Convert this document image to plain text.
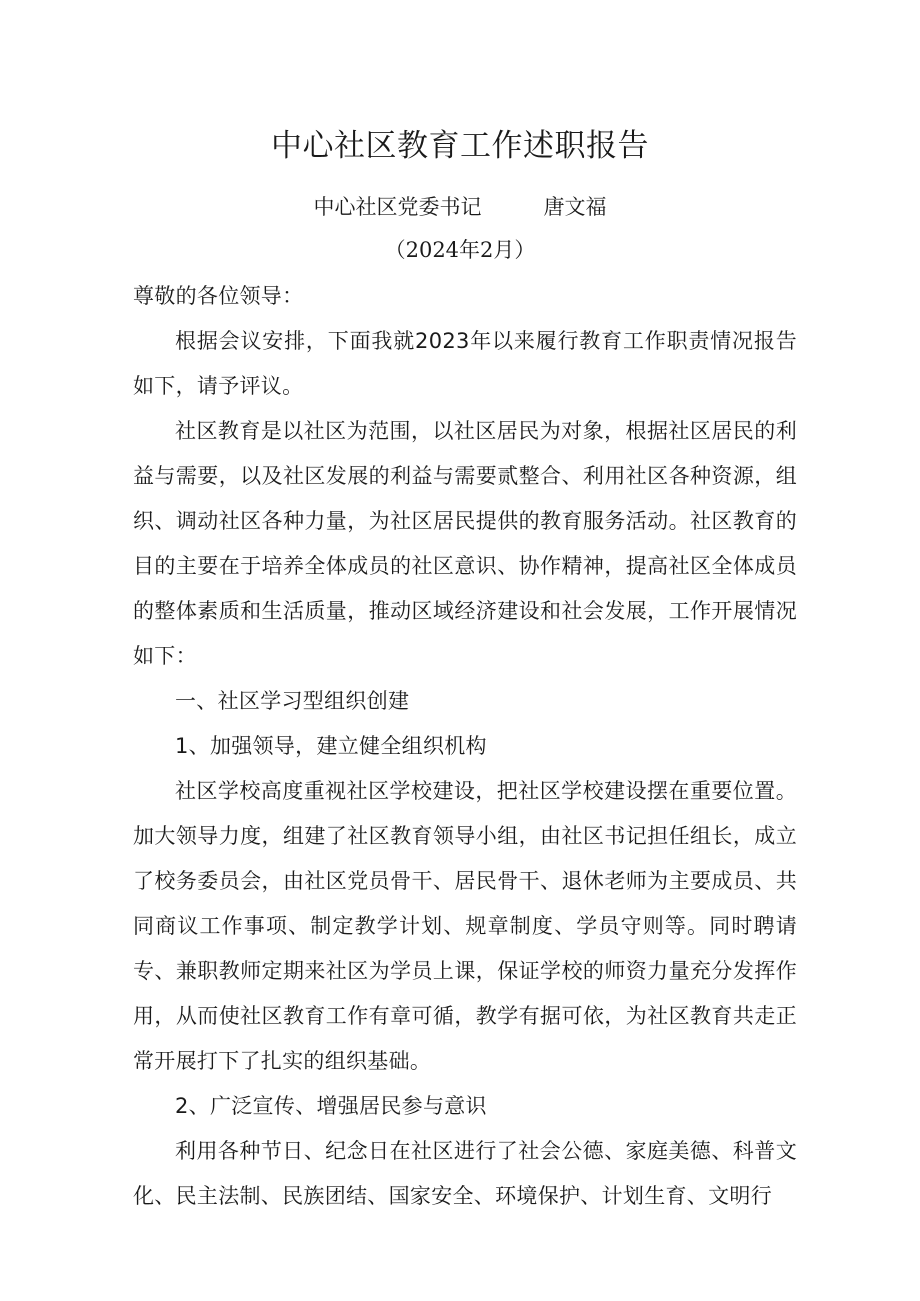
中心社区教育工作述职报告
中心社区党委书记	唐文福
（2024年2月）

尊敬的各位领导：

根据会议安排，下面我就2023年以来履行教育工作职责情况报告如下，请予评议。

社区教育是以社区为范围，以社区居民为对象，根据社区居民的利益与需要，以及社区发展的利益与需要贰整合、利用社区各种资源，组织、调动社区各种力量，为社区居民提供的教育服务活动。社区教育的目的主要在于培养全体成员的社区意识、协作精神，提高社区全体成员的整体素质和生活质量，推动区域经济建设和社会发展，工作开展情况如下：

一、社区学习型组织创建

1、加强领导，建立健全组织机构

社区学校高度重视社区学校建设，把社区学校建设摆在重要位置。加大领导力度，组建了社区教育领导小组，由社区书记担任组长，成立了校务委员会，由社区党员骨干、居民骨干、退休老师为主要成员、共同商议工作事项、制定教学计划、规章制度、学员守则等。同时聘请专、兼职教师定期来社区为学员上课，保证学校的师资力量充分发挥作用，从而使社区教育工作有章可循，教学有据可依，为社区教育共走正常开展打下了扎实的组织基础。

2、广泛宣传、增强居民参与意识

利用各种节日、纪念日在社区进行了社会公德、家庭美德、科普文化、民主法制、民族团结、国家安全、环境保护、计划生育、文明行
